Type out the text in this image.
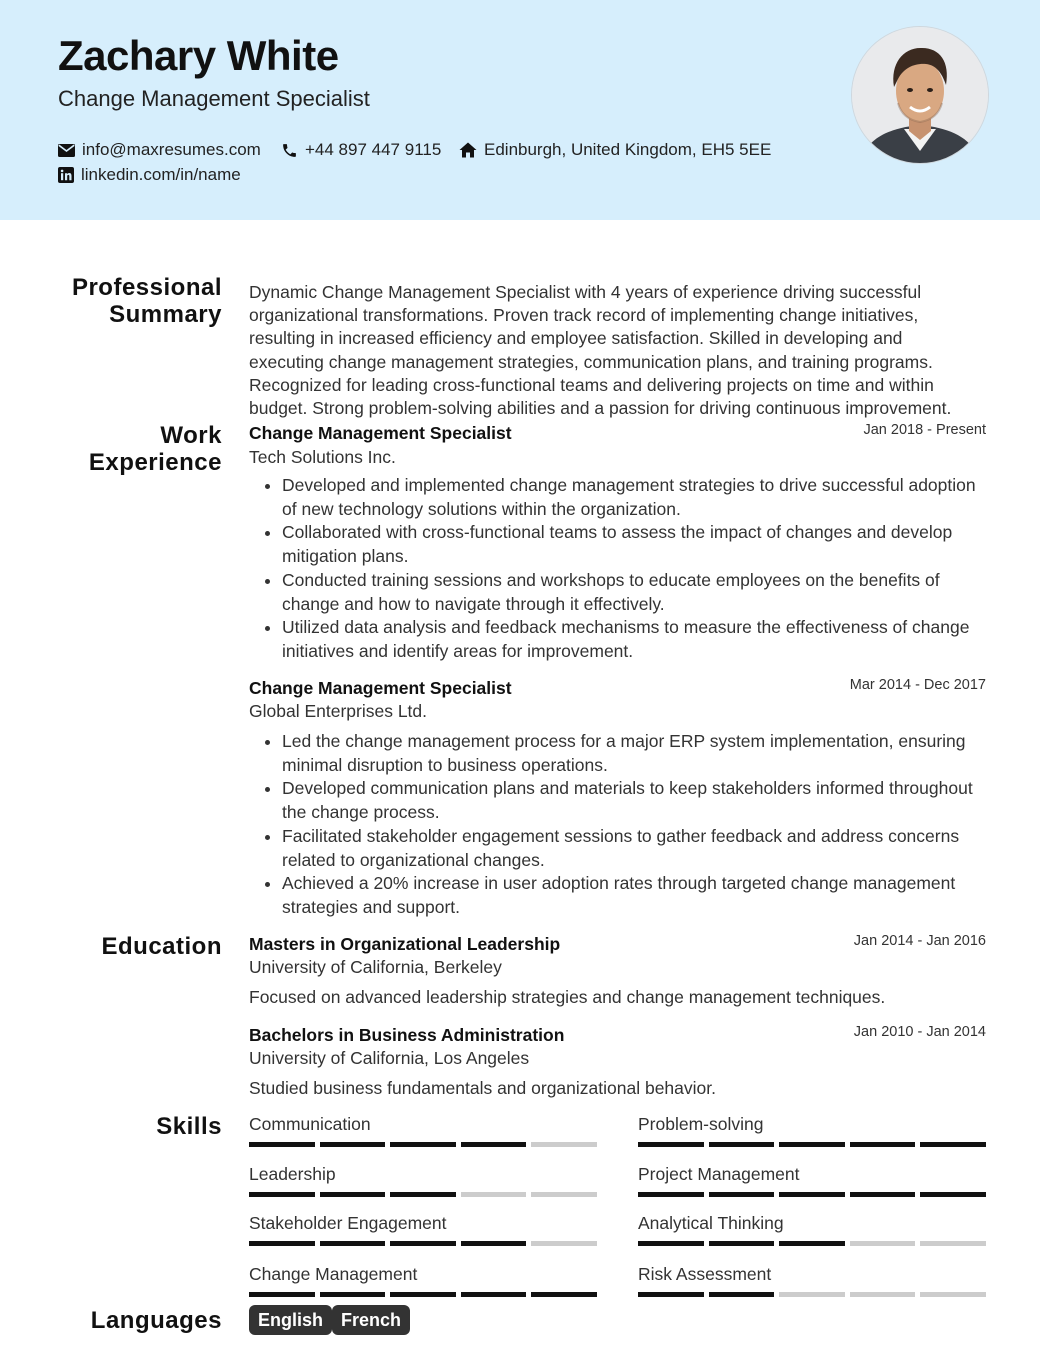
Zachary White
Change Management Specialist
info@maxresumes.com	+44 897 447 9115	Edinburgh, United Kingdom, EH5 5EE
linkedin.com/in/name
Professional Summary
Dynamic Change Management Specialist with 4 years of experience driving successful
organizational transformations. Proven track record of implementing change initiatives,
resulting in increased efficiency and employee satisfaction. Skilled in developing and
executing change management strategies, communication plans, and training programs.
Recognized for leading cross-functional teams and delivering projects on time and within
budget. Strong problem-solving abilities and a passion for driving continuous improvement.
Work Experience
Change Management Specialist	Jan 2018 - Present
Tech Solutions Inc.
• Developed and implemented change management strategies to drive successful adoption of new technology solutions within the organization.
• Collaborated with cross-functional teams to assess the impact of changes and develop mitigation plans.
• Conducted training sessions and workshops to educate employees on the benefits of change and how to navigate through it effectively.
• Utilized data analysis and feedback mechanisms to measure the effectiveness of change initiatives and identify areas for improvement.
Change Management Specialist	Mar 2014 - Dec 2017
Global Enterprises Ltd.
• Led the change management process for a major ERP system implementation, ensuring minimal disruption to business operations.
• Developed communication plans and materials to keep stakeholders informed throughout the change process.
• Facilitated stakeholder engagement sessions to gather feedback and address concerns related to organizational changes.
• Achieved a 20% increase in user adoption rates through targeted change management strategies and support.
Education Masters in Organizational Leadership	Jan 2014 - Jan 2016
University of California, Berkeley
Focused on advanced leadership strategies and change management techniques.
Bachelors in Business Administration	Jan 2010 - Jan 2014
University of California, Los Angeles
Studied business fundamentals and organizational behavior.
Skills Communication	Problem-solving
Leadership	Project Management
Stakeholder Engagement	Analytical Thinking
Change Management	Risk Assessment
Languages	English French
